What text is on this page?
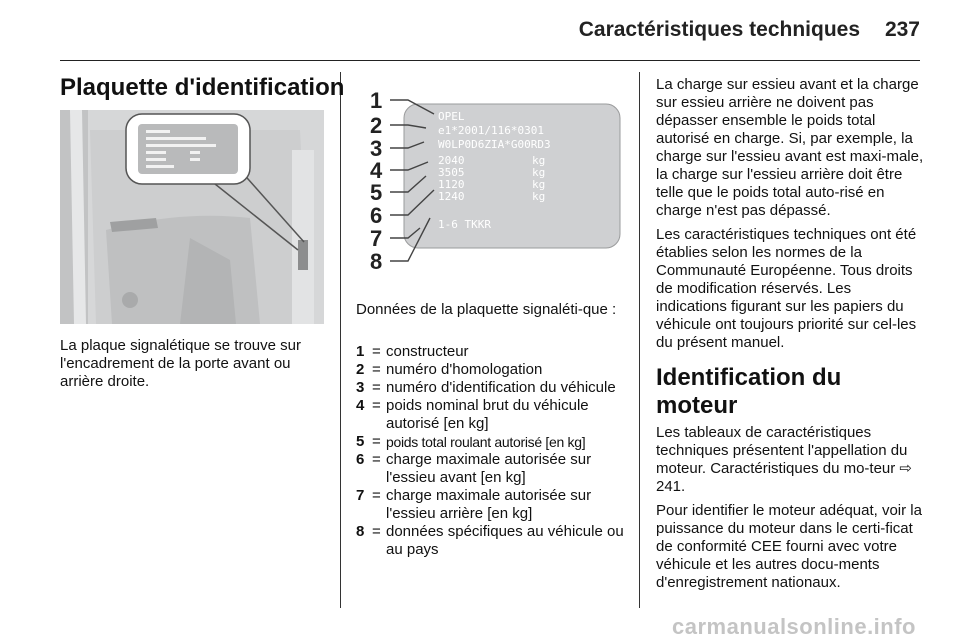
Caractéristiques techniques 237
Plaquette d'identification
La plaque signalétique se trouve sur l'encadrement de la porte avant ou arrière droite.
1
2
3
4
5
6
7
8
OPEL
e1*2001/116*0301
W0LP0D6ZIA*G00RD3
2040	kg
3505	kg
1120	kg
1240	kg
1-6 TKKR
Données de la plaquette signaléti-que :
1 = constructeur
2 = numéro d'homologation
3 = numéro d'identification du véhicule
4 = poids nominal brut du véhicule autorisé [en kg]
5 = poids total roulant autorisé [en kg]
6 = charge maximale autorisée sur l'essieu avant [en kg]
7 = charge maximale autorisée sur l'essieu arrière [en kg]
8 = données spécifiques au véhicule ou au pays

La charge sur essieu avant et la charge sur essieu arrière ne doivent pas dépasser ensemble le poids total autorisé en charge. Si, par exemple, la charge sur l'essieu avant est maxi-male, la charge sur l'essieu arrière doit être telle que le poids total auto-risé en charge n'est pas dépassé.

Les caractéristiques techniques ont été établies selon les normes de la Communauté Européenne. Tous droits de modification réservés. Les indications figurant sur les papiers du véhicule ont toujours priorité sur cel-les du présent manuel.

Identification du moteur

Les tableaux de caractéristiques techniques présentent l'appellation du moteur. Caractéristiques du mo-teur ⇨ 241.

Pour identifier le moteur adéquat, voir la puissance du moteur dans le certi-ficat de conformité CEE fourni avec votre véhicule et les autres docu-ments d'enregistrement nationaux.

carmanualsonline.info
